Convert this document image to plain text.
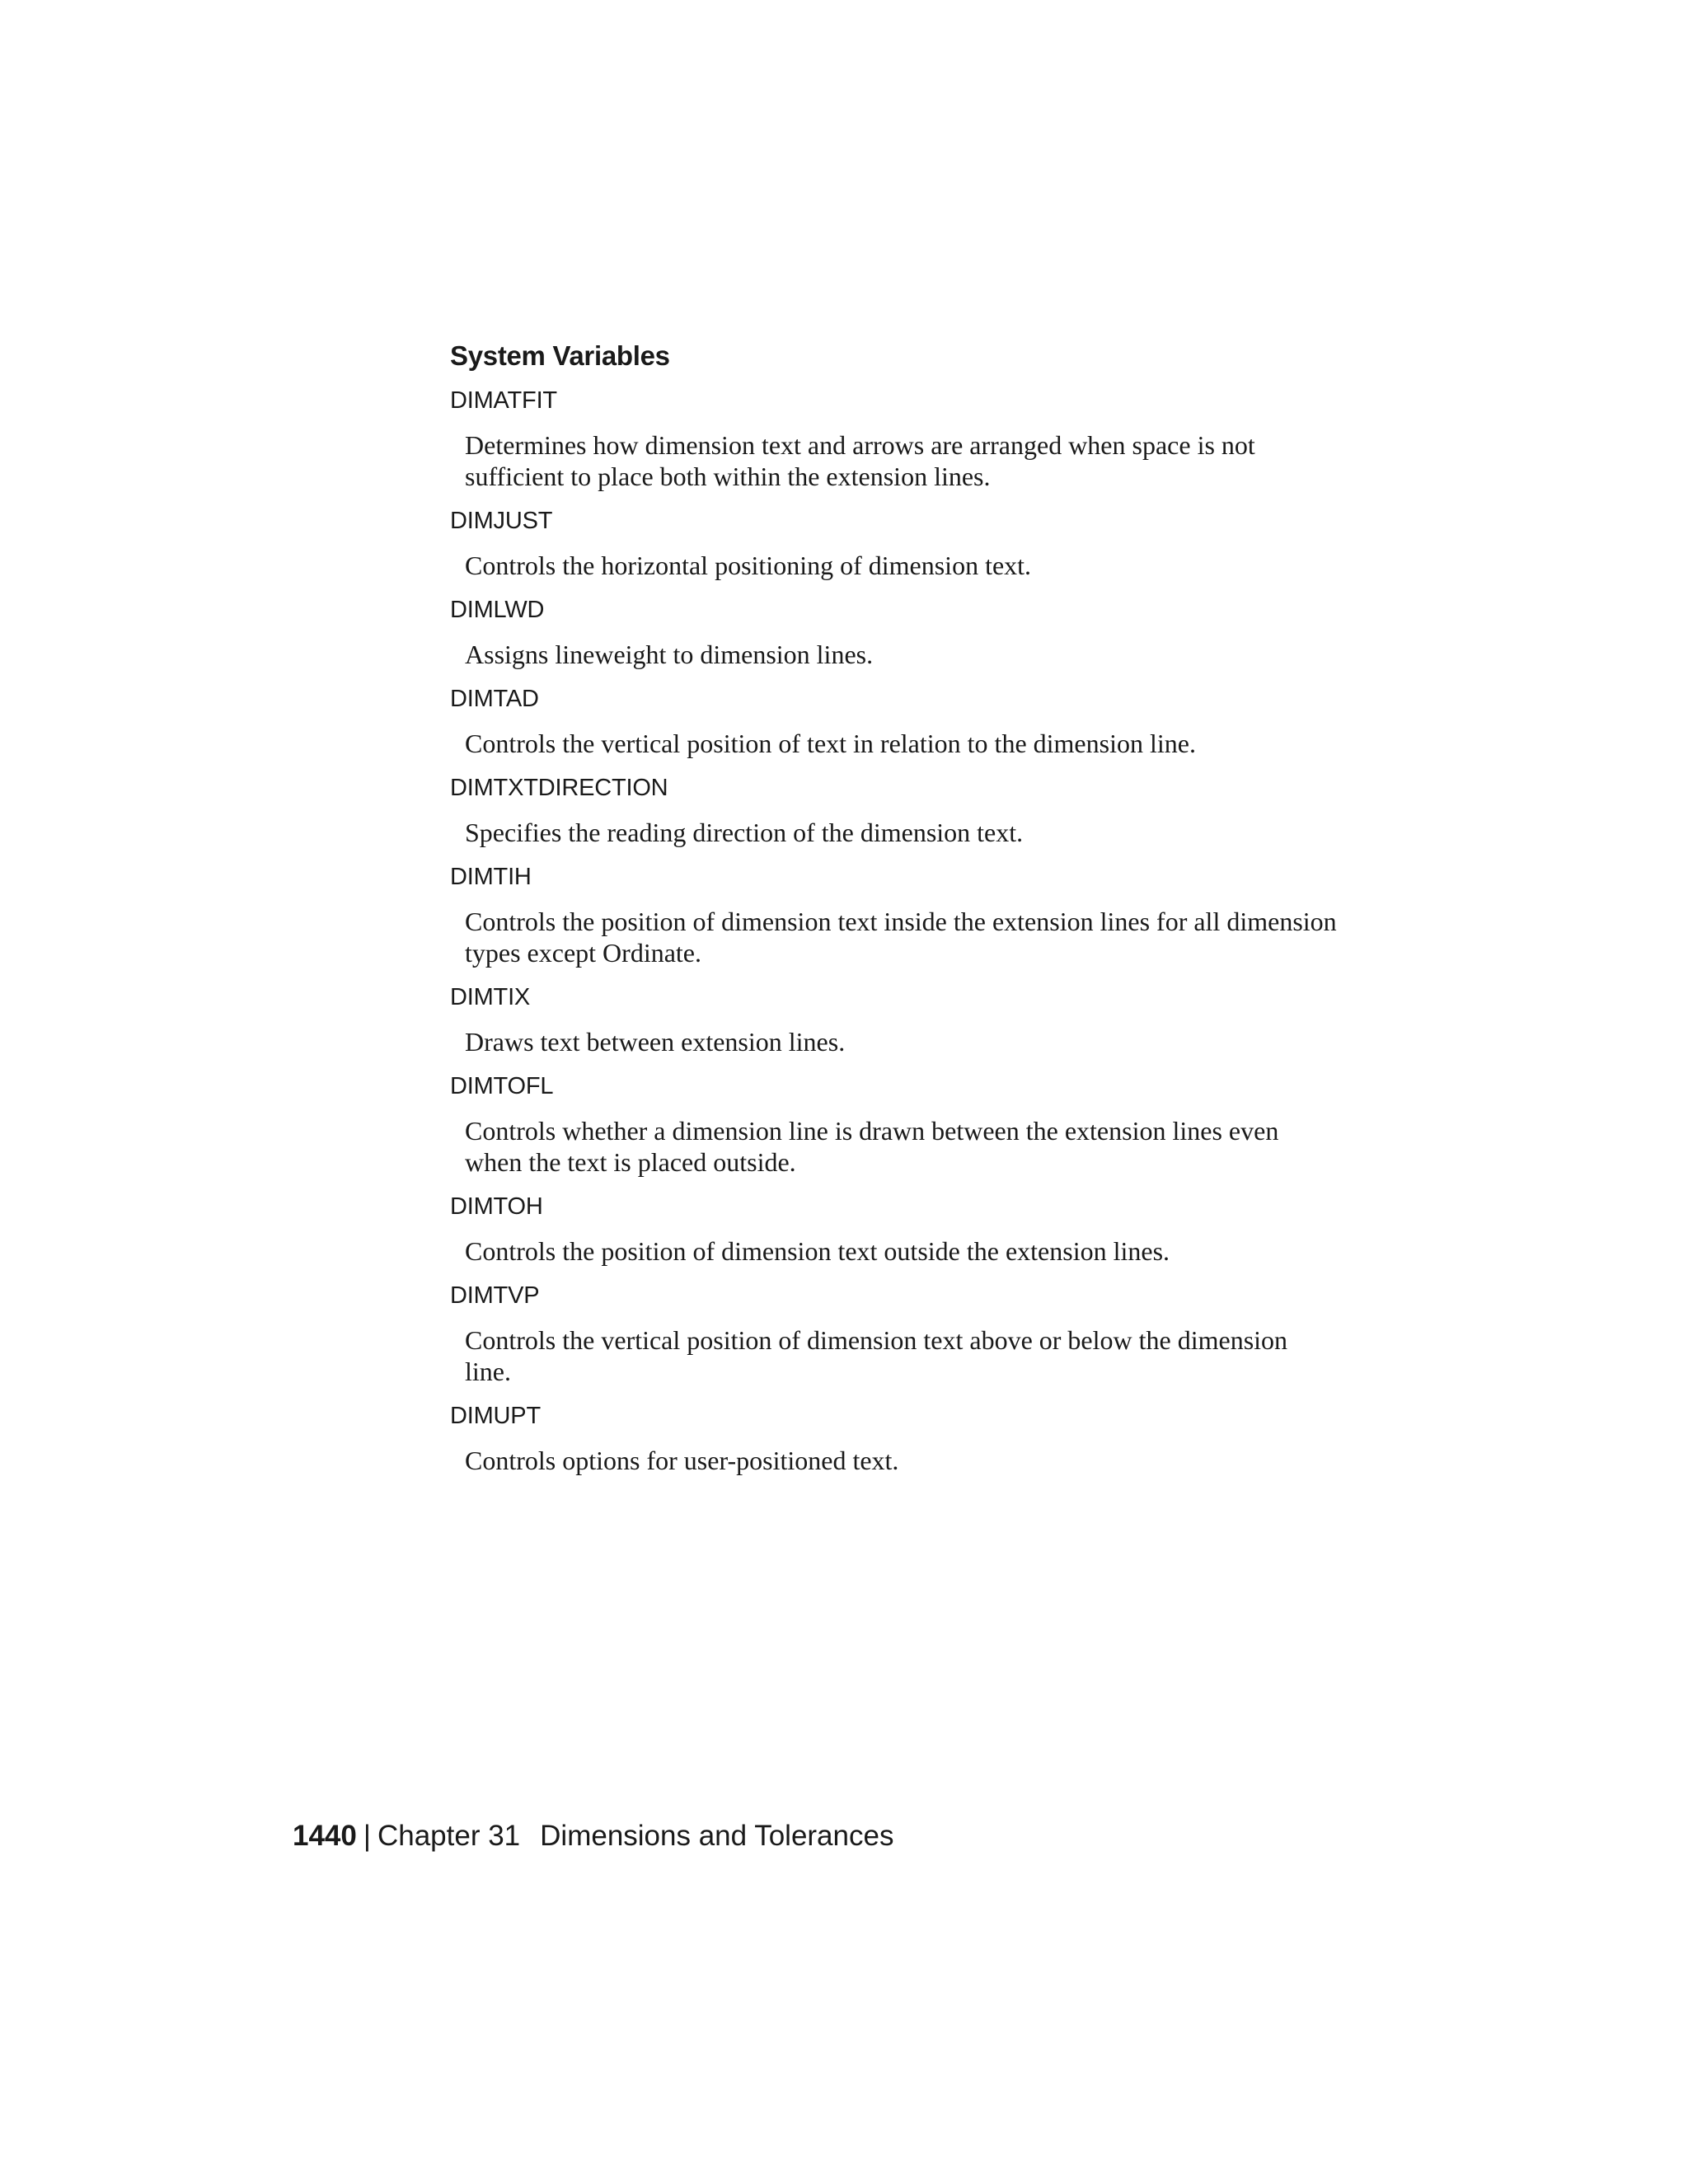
System Variables
DIMATFIT
Determines how dimension text and arrows are arranged when space is not sufficient to place both within the extension lines.
DIMJUST
Controls the horizontal positioning of dimension text.
DIMLWD
Assigns lineweight to dimension lines.
DIMTAD
Controls the vertical position of text in relation to the dimension line.
DIMTXTDIRECTION
Specifies the reading direction of the dimension text.
DIMTIH
Controls the position of dimension text inside the extension lines for all dimension types except Ordinate.
DIMTIX
Draws text between extension lines.
DIMTOFL
Controls whether a dimension line is drawn between the extension lines even when the text is placed outside.
DIMTOH
Controls the position of dimension text outside the extension lines.
DIMTVP
Controls the vertical position of dimension text above or below the dimension line.
DIMUPT
Controls options for user-positioned text.
1440 | Chapter 31 Dimensions and Tolerances
